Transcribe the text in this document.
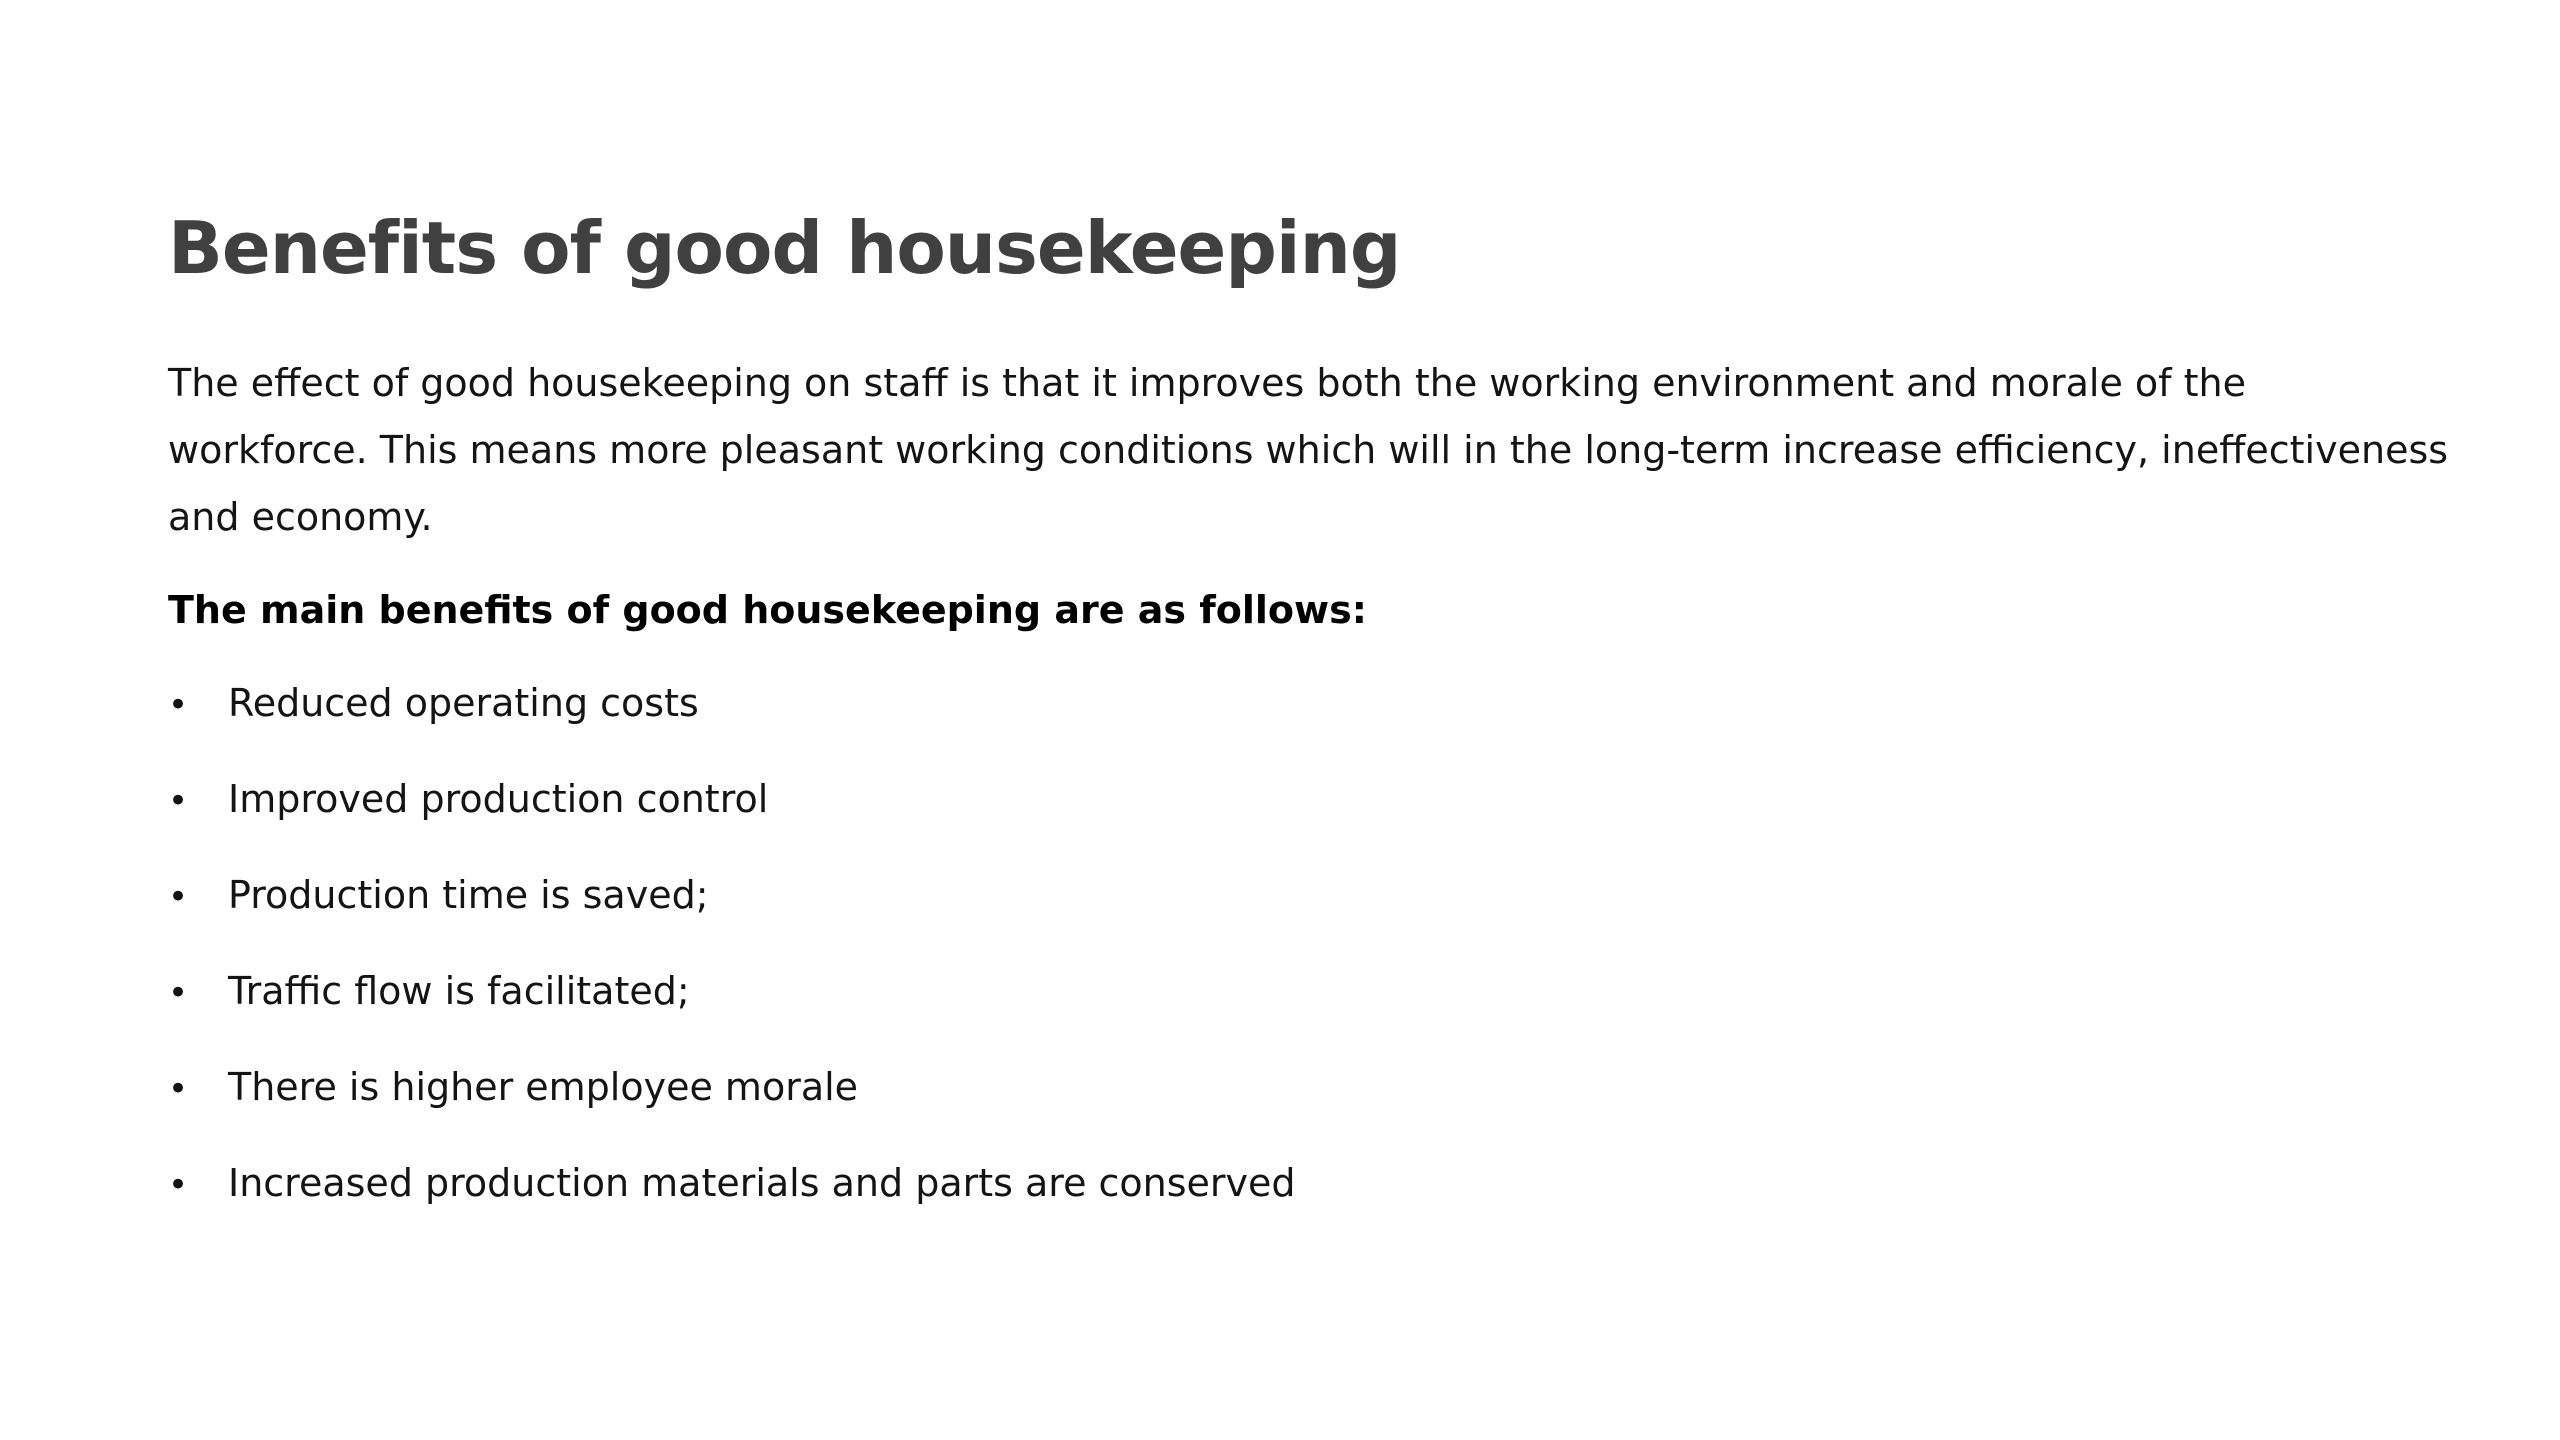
Benefits of good housekeeping

The effect of good housekeeping on staff is that it improves both the working environment and morale of the workforce. This means more pleasant working conditions which will in the long-term increase efficiency, ineffectiveness and economy.

The main benefits of good housekeeping are as follows:

•	Reduced operating costs
•	Improved production control
•	Production time is saved;
•	Traffic flow is facilitated;
•	There is higher employee morale
•	Increased production materials and parts are conserved
